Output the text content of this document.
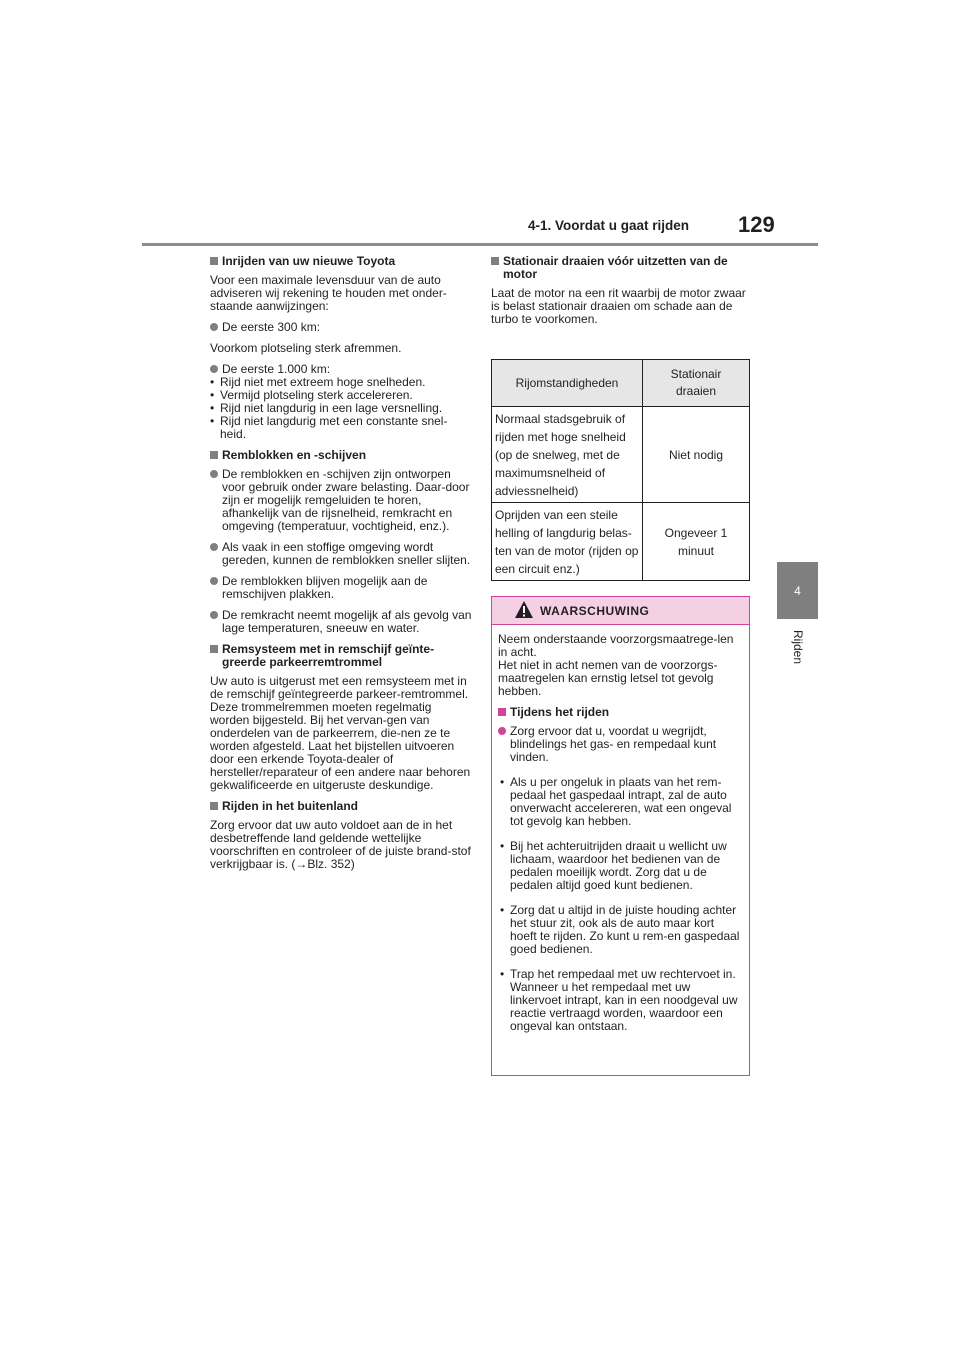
4-1. Voordat u gaat rijden 129
4
Rijden
Inrijden van uw nieuwe Toyota
Voor een maximale levensduur van de auto adviseren wij rekening te houden met onder-staande aanwijzingen:
De eerste 300 km:
Voorkom plotseling sterk afremmen.
De eerste 1.000 km:
• Rijd niet met extreem hoge snelheden.
• Vermijd plotseling sterk accelereren.
• Rijd niet langdurig in een lage versnelling.
• Rijd niet langdurig met een constante snel-heid.
Remblokken en -schijven
De remblokken en -schijven zijn ontworpen voor gebruik onder zware belasting. Daar-door zijn er mogelijk remgeluiden te horen, afhankelijk van de rijsnelheid, remkracht en omgeving (temperatuur, vochtigheid, enz.).
Als vaak in een stoffige omgeving wordt gereden, kunnen de remblokken sneller slijten.
De remblokken blijven mogelijk aan de remschijven plakken.
De remkracht neemt mogelijk af als gevolg van lage temperaturen, sneeuw en water.
Remsysteem met in remschijf geïnte-greerde parkeerremtrommel
Uw auto is uitgerust met een remsysteem met in de remschijf geïntegreerde parkeer-remtrommel. Deze trommelremmen moeten regelmatig worden bijgesteld. Bij het vervan-gen van onderdelen van de parkeerrem, die-nen ze te worden afgesteld. Laat het bijstellen uitvoeren door een erkende Toyota-dealer of hersteller/reparateur of een andere naar behoren gekwalificeerde en uitgeruste deskundige.
Rijden in het buitenland
Zorg ervoor dat uw auto voldoet aan de in het desbetreffende land geldende wettelijke voorschriften en controleer of de juiste brand-stof verkrijgbaar is. (→Blz. 352)
Stationair draaien vóór uitzetten van de motor
Laat de motor na een rit waarbij de motor zwaar is belast stationair draaien om schade aan de turbo te voorkomen.
Rijomstandigheden	Stationair draaien
Normaal stadsgebruik of rijden met hoge snelheid (op de snelweg, met de maximumsnelheid of adviessnelheid)	Niet nodig
Oprijden van een steile helling of langdurig belas-ten van de motor (rijden op een circuit enz.)	Ongeveer 1 minuut
WAARSCHUWING
Neem onderstaande voorzorgsmaatrege-len in acht.
Het niet in acht nemen van de voorzorgs-maatregelen kan ernstig letsel tot gevolg hebben.
Tijdens het rijden
Zorg ervoor dat u, voordat u wegrijdt, blindelings het gas- en rempedaal kunt vinden.
• Als u per ongeluk in plaats van het rem-pedaal het gaspedaal intrapt, zal de auto onverwacht accelereren, wat een ongeval tot gevolg kan hebben.
• Bij het achteruitrijden draait u wellicht uw lichaam, waardoor het bedienen van de pedalen moeilijk wordt. Zorg dat u de pedalen altijd goed kunt bedienen.
• Zorg dat u altijd in de juiste houding achter het stuur zit, ook als de auto maar kort hoeft te rijden. Zo kunt u rem-en gaspedaal goed bedienen.
• Trap het rempedaal met uw rechtervoet in. Wanneer u het rempedaal met uw linkervoet intrapt, kan in een noodgeval uw reactie vertraagd worden, waardoor een ongeval kan ontstaan.
